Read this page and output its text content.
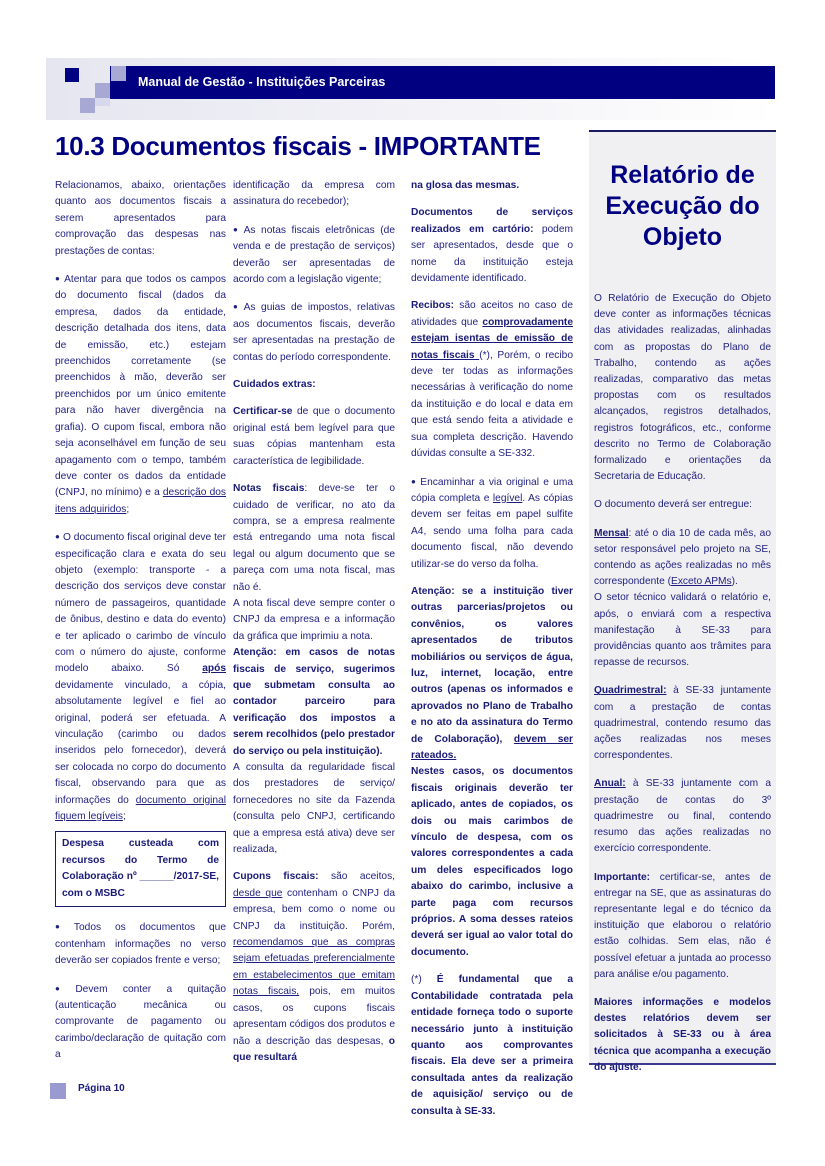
Manual de Gestão - Instituições Parceiras
10.3 Documentos fiscais - IMPORTANTE

Relacionamos, abaixo, orientações quanto aos documentos fiscais a serem apresentados para comprovação das despesas nas prestações de contas:

● Atentar para que todos os campos do documento fiscal (dados da empresa, dados da entidade, descrição detalhada dos itens, data de emissão, etc.) estejam preenchidos corretamente (se preenchidos à mão, deverão ser preenchidos por um único emitente para não haver divergência na grafia). O cupom fiscal, embora não seja aconselhável em função de seu apagamento com o tempo, também deve conter os dados da entidade (CNPJ, no mínimo) e a descrição dos itens adquiridos;

● O documento fiscal original deve ter especificação clara e exata do seu objeto (exemplo: transporte - a descrição dos serviços deve constar número de passageiros, quantidade de ônibus, destino e data do evento) e ter aplicado o carimbo de vínculo com o número do ajuste, conforme modelo abaixo. Só após devidamente vinculado, a cópia, absolutamente legível e fiel ao original, poderá ser efetuada. A vinculação (carimbo ou dados inseridos pelo fornecedor), deverá ser colocada no corpo do documento fiscal, observando para que as informações do documento original fiquem legíveis;

Despesa custeada com recursos do Termo de Colaboração nº ______/2017-SE, com o MSBC

● Todos os documentos que contenham informações no verso deverão ser copiados frente e verso;

● Devem conter a quitação (autenticação mecânica ou comprovante de pagamento ou carimbo/declaração de quitação com a

identificação da empresa com assinatura do recebedor);

● As notas fiscais eletrônicas (de venda e de prestação de serviços) deverão ser apresentadas de acordo com a legislação vigente;

● As guias de impostos, relativas aos documentos fiscais, deverão ser apresentadas na prestação de contas do período correspondente.

Cuidados extras:

Certificar-se de que o documento original está bem legível para que suas cópias mantenham esta característica de legibilidade.

Notas fiscais: deve-se ter o cuidado de verificar, no ato da compra, se a empresa realmente está entregando uma nota fiscal legal ou algum documento que se pareça com uma nota fiscal, mas não é.

A nota fiscal deve sempre conter o CNPJ da empresa e a informação da gráfica que imprimiu a nota.

Atenção: em casos de notas fiscais de serviço, sugerimos que submetam consulta ao contador parceiro para verificação dos impostos a serem recolhidos (pelo prestador do serviço ou pela instituição).

A consulta da regularidade fiscal dos prestadores de serviço/ fornecedores no site da Fazenda (consulta pelo CNPJ, certificando que a empresa está ativa) deve ser realizada,

Cupons fiscais: são aceitos, desde que contenham o CNPJ da empresa, bem como o nome ou CNPJ da instituição. Porém, recomendamos que as compras sejam efetuadas preferencialmente em estabelecimentos que emitam notas fiscais, pois, em muitos casos, os cupons fiscais apresentam códigos dos produtos e não a descrição das despesas, o que resultará

na glosa das mesmas.

Documentos de serviços realizados em cartório: podem ser apresentados, desde que o nome da instituição esteja devidamente identificado.

Recibos: são aceitos no caso de atividades que comprovadamente estejam isentas de emissão de notas fiscais (*), Porém, o recibo deve ter todas as informações necessárias à verificação do nome da instituição e do local e data em que está sendo feita a atividade e sua completa descrição. Havendo dúvidas consulte a SE-332.

● Encaminhar a via original e uma cópia completa e legível. As cópias devem ser feitas em papel sulfite A4, sendo uma folha para cada documento fiscal, não devendo utilizar-se do verso da folha.

Atenção: se a instituição tiver outras parcerias/projetos ou convênios, os valores apresentados de tributos mobiliários ou serviços de água, luz, internet, locação, entre outros (apenas os informados e aprovados no Plano de Trabalho e no ato da assinatura do Termo de Colaboração), devem ser rateados.

Nestes casos, os documentos fiscais originais deverão ter aplicado, antes de copiados, os dois ou mais carimbos de vínculo de despesa, com os valores correspondentes a cada um deles especificados logo abaixo do carimbo, inclusive a parte paga com recursos próprios. A soma desses rateios deverá ser igual ao valor total do documento.

(*) É fundamental que a Contabilidade contratada pela entidade forneça todo o suporte necessário junto à instituição quanto aos comprovantes fiscais. Ela deve ser a primeira consultada antes da realização de aquisição/ serviço ou de consulta à SE-33.

Relatório de Execução do Objeto

O Relatório de Execução do Objeto deve conter as informações técnicas das atividades realizadas, alinhadas com as propostas do Plano de Trabalho, contendo as ações realizadas, comparativo das metas propostas com os resultados alcançados, registros detalhados, registros fotográficos, etc., conforme descrito no Termo de Colaboração formalizado e orientações da Secretaria de Educação.

O documento deverá ser entregue:

Mensal: até o dia 10 de cada mês, ao setor responsável pelo projeto na SE, contendo as ações realizadas no mês correspondente (Exceto APMs).

O setor técnico validará o relatório e, após, o enviará com a respectiva manifestação à SE-33 para providências quanto aos trâmites para repasse de recursos.

Quadrimestral: à SE-33 juntamente com a prestação de contas quadrimestral, contendo resumo das ações realizadas nos meses correspondentes.

Anual: à SE-33 juntamente com a prestação de contas do 3º quadrimestre ou final, contendo resumo das ações realizadas no exercício correspondente.

Importante: certificar-se, antes de entregar na SE, que as assinaturas do representante legal e do técnico da instituição que elaborou o relatório estão colhidas. Sem elas, não é possível efetuar a juntada ao processo para análise e/ou pagamento.

Maiores informações e modelos destes relatórios devem ser solicitados à SE-33 ou à área técnica que acompanha a execução do ajuste.

Página 10
